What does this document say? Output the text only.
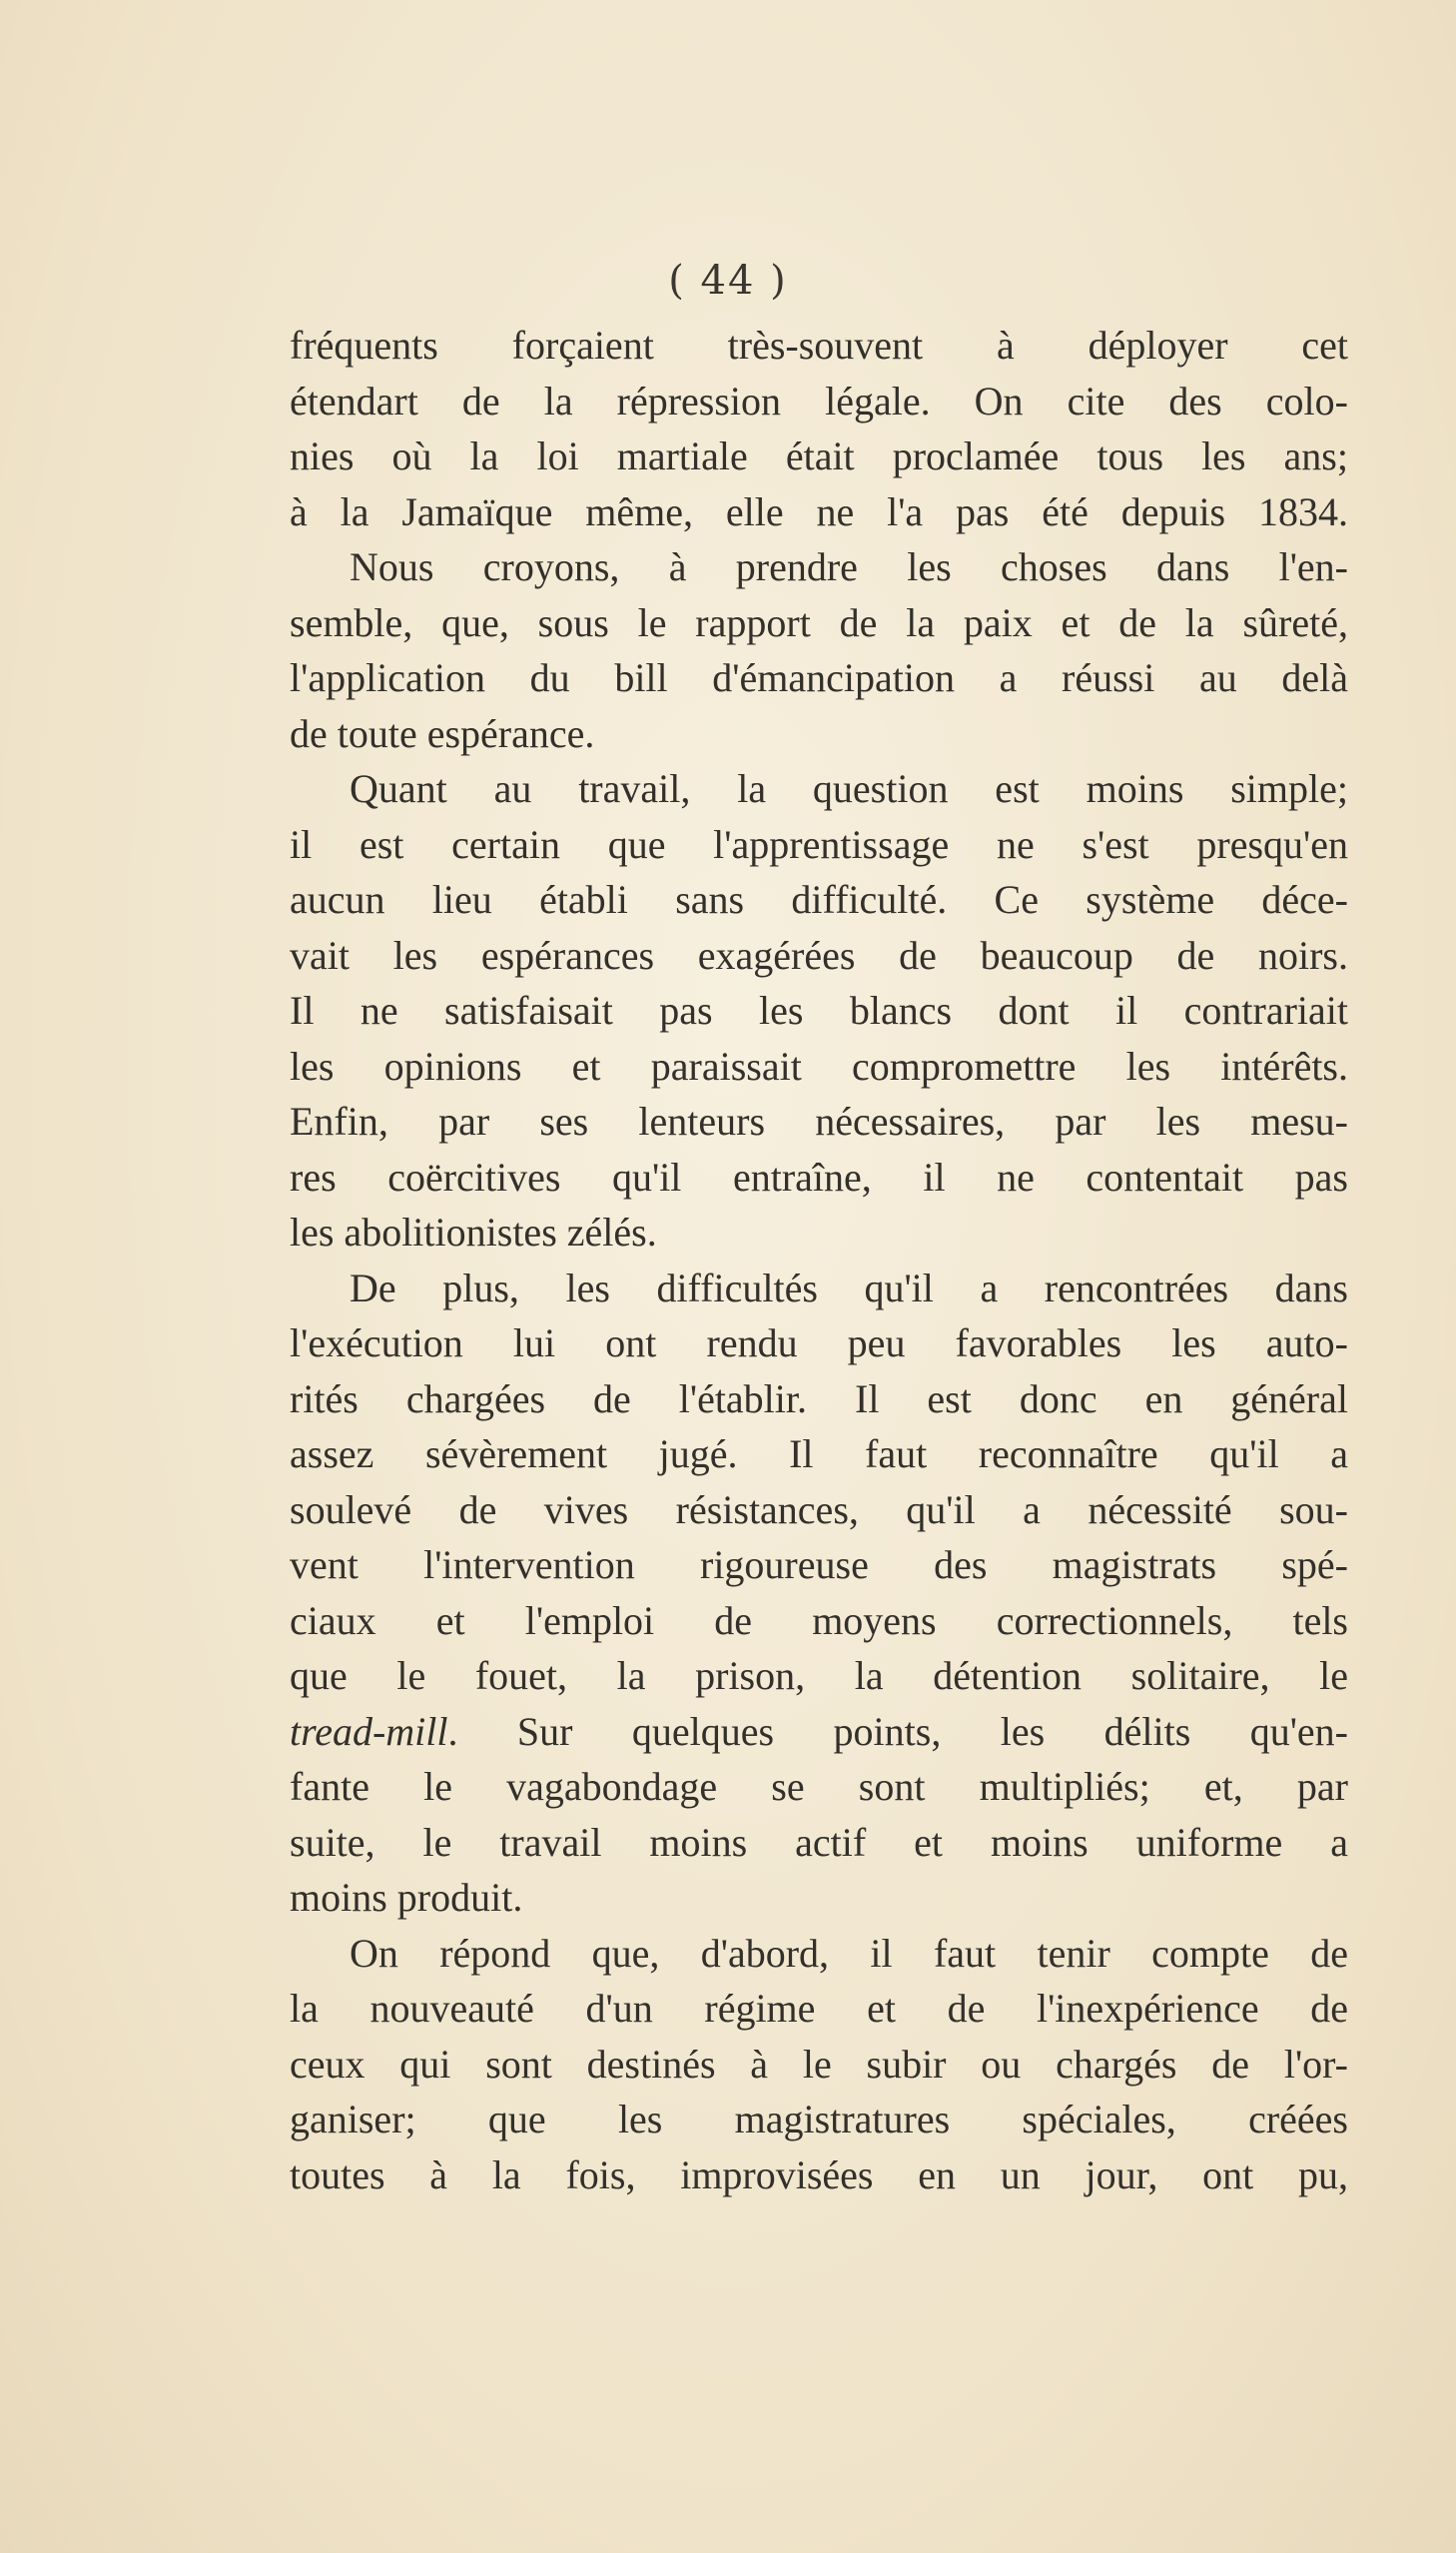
( 44 )
fréquents forçaient très-souvent à déployer cet
étendart de la répression légale. On cite des colo-
nies où la loi martiale était proclamée tous les ans;
à la Jamaïque même, elle ne l'a pas été depuis 1834.
Nous croyons, à prendre les choses dans l'en-
semble, que, sous le rapport de la paix et de la sûreté,
l'application du bill d'émancipation a réussi au delà
de toute espérance.
Quant au travail, la question est moins simple;
il est certain que l'apprentissage ne s'est presqu'en
aucun lieu établi sans difficulté. Ce système déce-
vait les espérances exagérées de beaucoup de noirs.
Il ne satisfaisait pas les blancs dont il contrariait
les opinions et paraissait compromettre les intérêts.
Enfin, par ses lenteurs nécessaires, par les mesu-
res coërcitives qu'il entraîne, il ne contentait pas
les abolitionistes zélés.
De plus, les difficultés qu'il a rencontrées dans
l'exécution lui ont rendu peu favorables les auto-
rités chargées de l'établir. Il est donc en général
assez sévèrement jugé. Il faut reconnaître qu'il a
soulevé de vives résistances, qu'il a nécessité sou-
vent l'intervention rigoureuse des magistrats spé-
ciaux et l'emploi de moyens correctionnels, tels
que le fouet, la prison, la détention solitaire, le
tread-mill. Sur quelques points, les délits qu'en-
fante le vagabondage se sont multipliés; et, par
suite, le travail moins actif et moins uniforme a
moins produit.
On répond que, d'abord, il faut tenir compte de
la nouveauté d'un régime et de l'inexpérience de
ceux qui sont destinés à le subir ou chargés de l'or-
ganiser; que les magistratures spéciales, créées
toutes à la fois, improvisées en un jour, ont pu,
